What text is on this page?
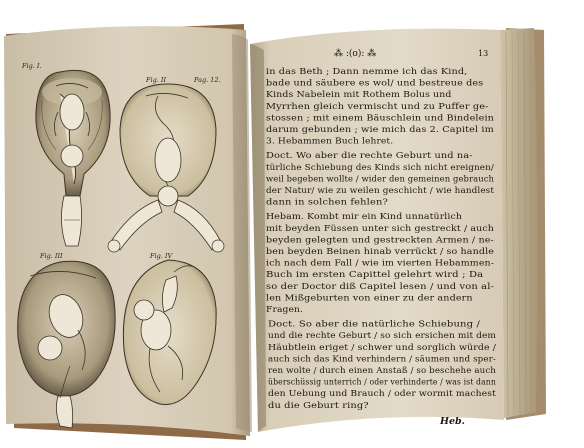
Fig. I.
Fig. II	Pag. 12.
Fig. III	Fig. IV
⁂ :(o): ⁂	13
in das Beth ; Dann nemme ich das Kind,
bade und säubere es wol/ und bestreue des
Kinds Nabelein mit Rothem Bolus und
Myrrhen gleich vermischt und zu Puffer ge-
stossen ; mit einem Bäuschlein und Bindelein
darum gebunden ; wie mich das 2. Capitel im
3. Hebammen Buch lehret.
Doct. Wo aber die rechte Geburt und na-
türliche Schiebung des Kinds sich nicht ereignen/
weil begeben wollte / wider den gemeinen gebrauch
der Natur/ wie zu weilen geschicht / wie handlest
dann in solchen fehlen?
Hebam. Kombt mir ein Kind unnatürlich
mit beyden Füssen unter sich gestreckt / auch
beyden gelegten und gestreckten Armen / ne-
ben beyden Beinen hinab verrückt / so handle
ich nach dem Fall / wie im vierten Hebammen-
Buch im ersten Capittel gelehrt wird ; Da
so der Doctor diß Capitel lesen / und von al-
len Mißgeburten von einer zu der andern
Fragen.
Doct. So aber die natürliche Schiebung /
und die rechte Geburt / so sich ersichen mit dem
Häubtlein eriget / schwer und sorglich würde /
auch sich das Kind verhindern / säumen und sper-
ren wolte / durch einen Anstaß / so beschehe auch
überschüssig unterrich / oder verhinderte / was ist dann
den Uebung und Brauch / oder wormit machest
du die Geburt ring?
Heb.
